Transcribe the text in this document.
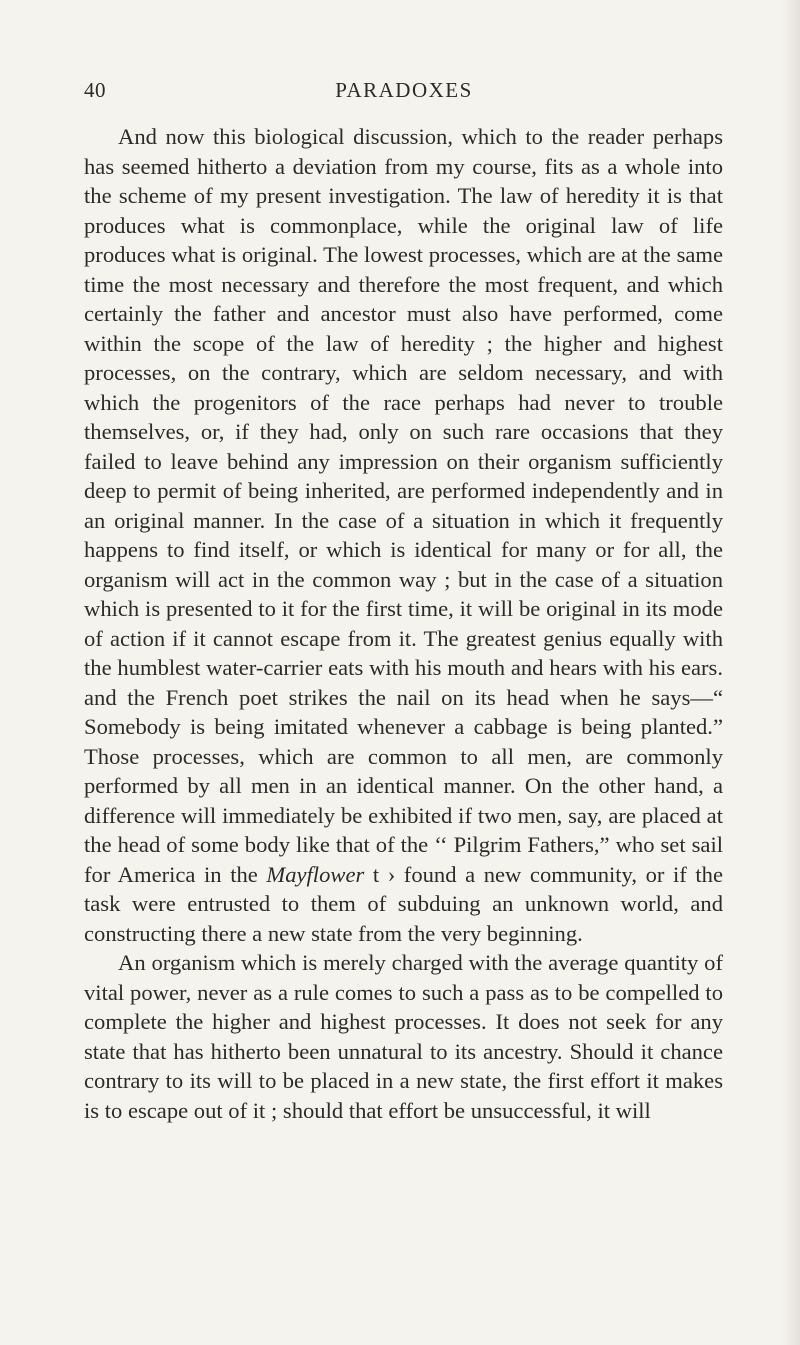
40	PARADOXES

And now this biological discussion, which to the reader perhaps has seemed hitherto a deviation from my course, fits as a whole into the scheme of my present investigation. The law of heredity it is that produces what is commonplace, while the original law of life produces what is original. The lowest processes, which are at the same time the most necessary and therefore the most frequent, and which certainly the father and ancestor must also have performed, come within the scope of the law of heredity ; the higher and highest processes, on the contrary, which are seldom necessary, and with which the progenitors of the race perhaps had never to trouble themselves, or, if they had, only on such rare occasions that they failed to leave behind any impression on their organism sufficiently deep to permit of being inherited, are performed independently and in an original manner. In the case of a situation in which it frequently happens to find itself, or which is identical for many or for all, the organism will act in the common way ; but in the case of a situation which is presented to it for the first time, it will be original in its mode of action if it cannot escape from it. The greatest genius equally with the humblest water-carrier eats with his mouth and hears with his ears. and the French poet strikes the nail on its head when he says—“ Somebody is being imitated whenever a cabbage is being planted.” Those processes, which are common to all men, are commonly performed by all men in an identical manner. On the other hand, a difference will immediately be exhibited if two men, say, are placed at the head of some body like that of the ‘‘ Pilgrim Fathers,” who set sail for America in the Mayflower t › found a new community, or if the task were entrusted to them of subduing an unknown world, and constructing there a new state from the very beginning.

An organism which is merely charged with the average quantity of vital power, never as a rule comes to such a pass as to be compelled to complete the higher and highest processes. It does not seek for any state that has hitherto been unnatural to its ancestry. Should it chance contrary to its will to be placed in a new state, the first effort it makes is to escape out of it ; should that effort be unsuccessful, it will
